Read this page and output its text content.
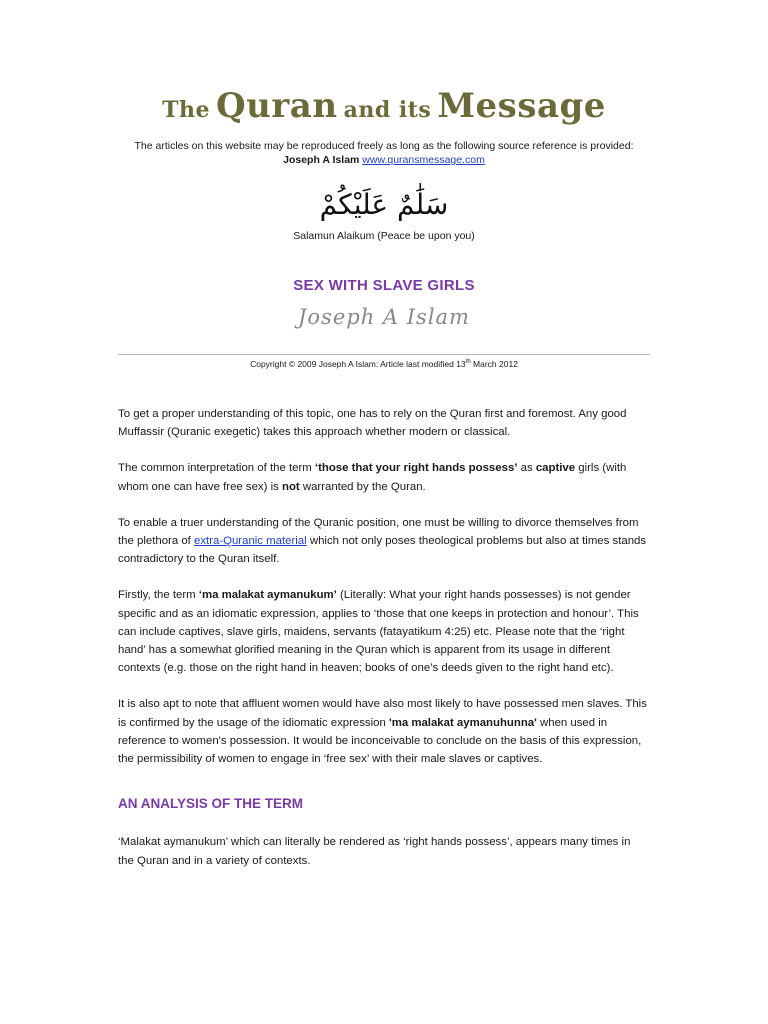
The Quran and its Message
The articles on this website may be reproduced freely as long as the following source reference is provided:
Joseph A Islam www.quransmessage.com
سَلَٰمٌ عَلَيْكُمْ
Salamun Alaikum (Peace be upon you)
SEX WITH SLAVE GIRLS
Joseph A Islam
Copyright © 2009 Joseph A Islam: Article last modified 13th March 2012

To get a proper understanding of this topic, one has to rely on the Quran first and foremost. Any good Muffassir (Quranic exegetic) takes this approach whether modern or classical.

The common interpretation of the term ‘those that your right hands possess’ as captive girls (with whom one can have free sex) is not warranted by the Quran.

To enable a truer understanding of the Quranic position, one must be willing to divorce themselves from the plethora of extra-Quranic material which not only poses theological problems but also at times stands contradictory to the Quran itself.

Firstly, the term ‘ma malakat aymanukum’ (Literally: What your right hands possesses) is not gender specific and as an idiomatic expression, applies to ‘those that one keeps in protection and honour’. This can include captives, slave girls, maidens, servants (fatayatikum 4:25) etc. Please note that the ‘right hand’ has a somewhat glorified meaning in the Quran which is apparent from its usage in different contexts (e.g. those on the right hand in heaven; books of one’s deeds given to the right hand etc).

It is also apt to note that affluent women would have also most likely to have possessed men slaves. This is confirmed by the usage of the idiomatic expression 'ma malakat aymanuhunna' when used in reference to women's possession. It would be inconceivable to conclude on the basis of this expression, the permissibility of women to engage in ‘free sex’ with their male slaves or captives.

AN ANALYSIS OF THE TERM

‘Malakat aymanukum’ which can literally be rendered as ‘right hands possess’, appears many times in the Quran and in a variety of contexts.
